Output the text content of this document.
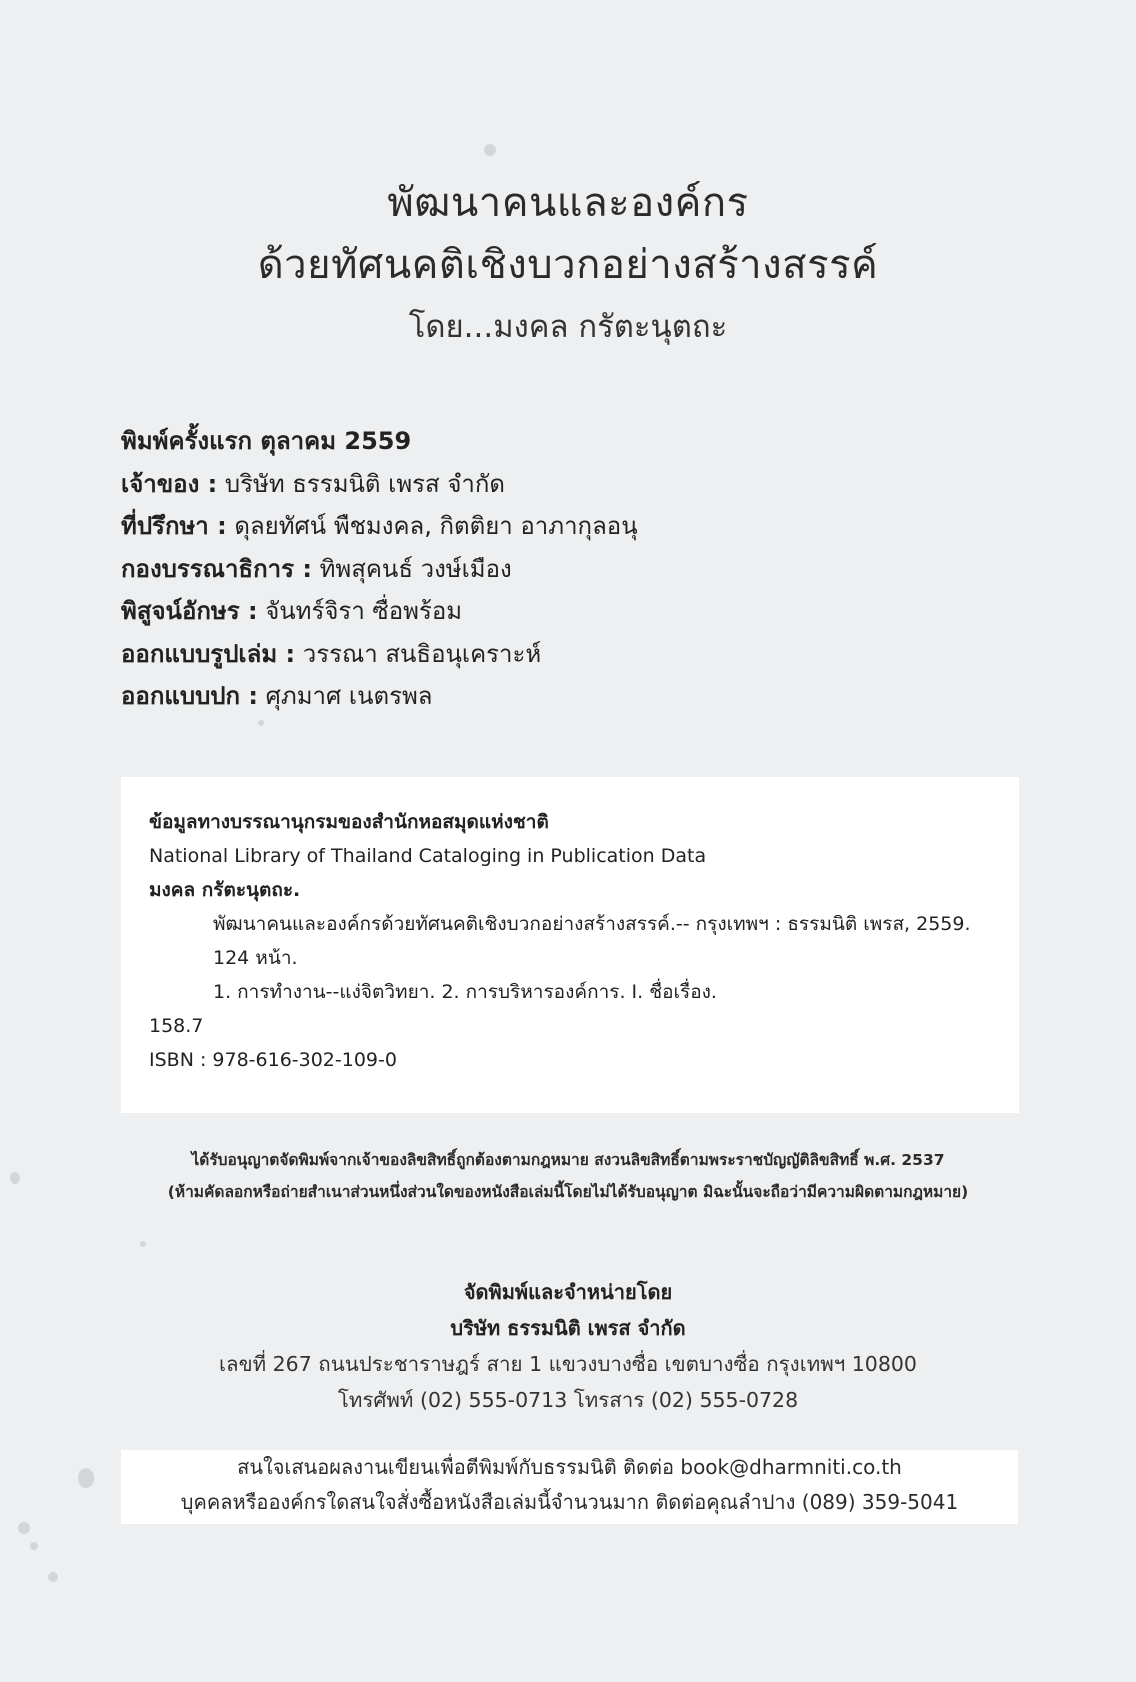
พัฒนาคนและองค์กร
ด้วยทัศนคติเชิงบวกอย่างสร้างสรรค์
โดย...มงคล กรัตะนุตถะ
พิมพ์ครั้งแรก ตุลาคม 2559
เจ้าของ : บริษัท ธรรมนิติ เพรส จำกัด
ที่ปรึกษา : ดุลยทัศน์ พืชมงคล, กิตติยา อาภากุลอนุ
กองบรรณาธิการ : ทิพสุคนธ์ วงษ์เมือง
พิสูจน์อักษร : จันทร์จิรา ซื่อพร้อม
ออกแบบรูปเล่ม : วรรณา สนธิอนุเคราะห์
ออกแบบปก : ศุภมาศ เนตรพล
ข้อมูลทางบรรณานุกรมของสำนักหอสมุดแห่งชาติ
National Library of Thailand Cataloging in Publication Data
มงคล กรัตะนุตถะ.
พัฒนาคนและองค์กรด้วยทัศนคติเชิงบวกอย่างสร้างสรรค์.-- กรุงเทพฯ : ธรรมนิติ เพรส, 2559.
124 หน้า.
1. การทำงาน--แง่จิตวิทยา. 2. การบริหารองค์การ. I. ชื่อเรื่อง.
158.7
ISBN : 978-616-302-109-0
ได้รับอนุญาตจัดพิมพ์จากเจ้าของลิขสิทธิ์ถูกต้องตามกฎหมาย สงวนลิขสิทธิ์ตามพระราชบัญญัติลิขสิทธิ์ พ.ศ. 2537
(ห้ามคัดลอกหรือถ่ายสำเนาส่วนหนึ่งส่วนใดของหนังสือเล่มนี้โดยไม่ได้รับอนุญาต มิฉะนั้นจะถือว่ามีความผิดตามกฎหมาย)
จัดพิมพ์และจำหน่ายโดย
บริษัท ธรรมนิติ เพรส จำกัด
เลขที่ 267 ถนนประชาราษฎร์ สาย 1 แขวงบางซื่อ เขตบางซื่อ กรุงเทพฯ 10800
โทรศัพท์ (02) 555-0713 โทรสาร (02) 555-0728
สนใจเสนอผลงานเขียนเพื่อตีพิมพ์กับธรรมนิติ ติดต่อ book@dharmniti.co.th
บุคคลหรือองค์กรใดสนใจสั่งซื้อหนังสือเล่มนี้จำนวนมาก ติดต่อคุณลำปาง (089) 359-5041
